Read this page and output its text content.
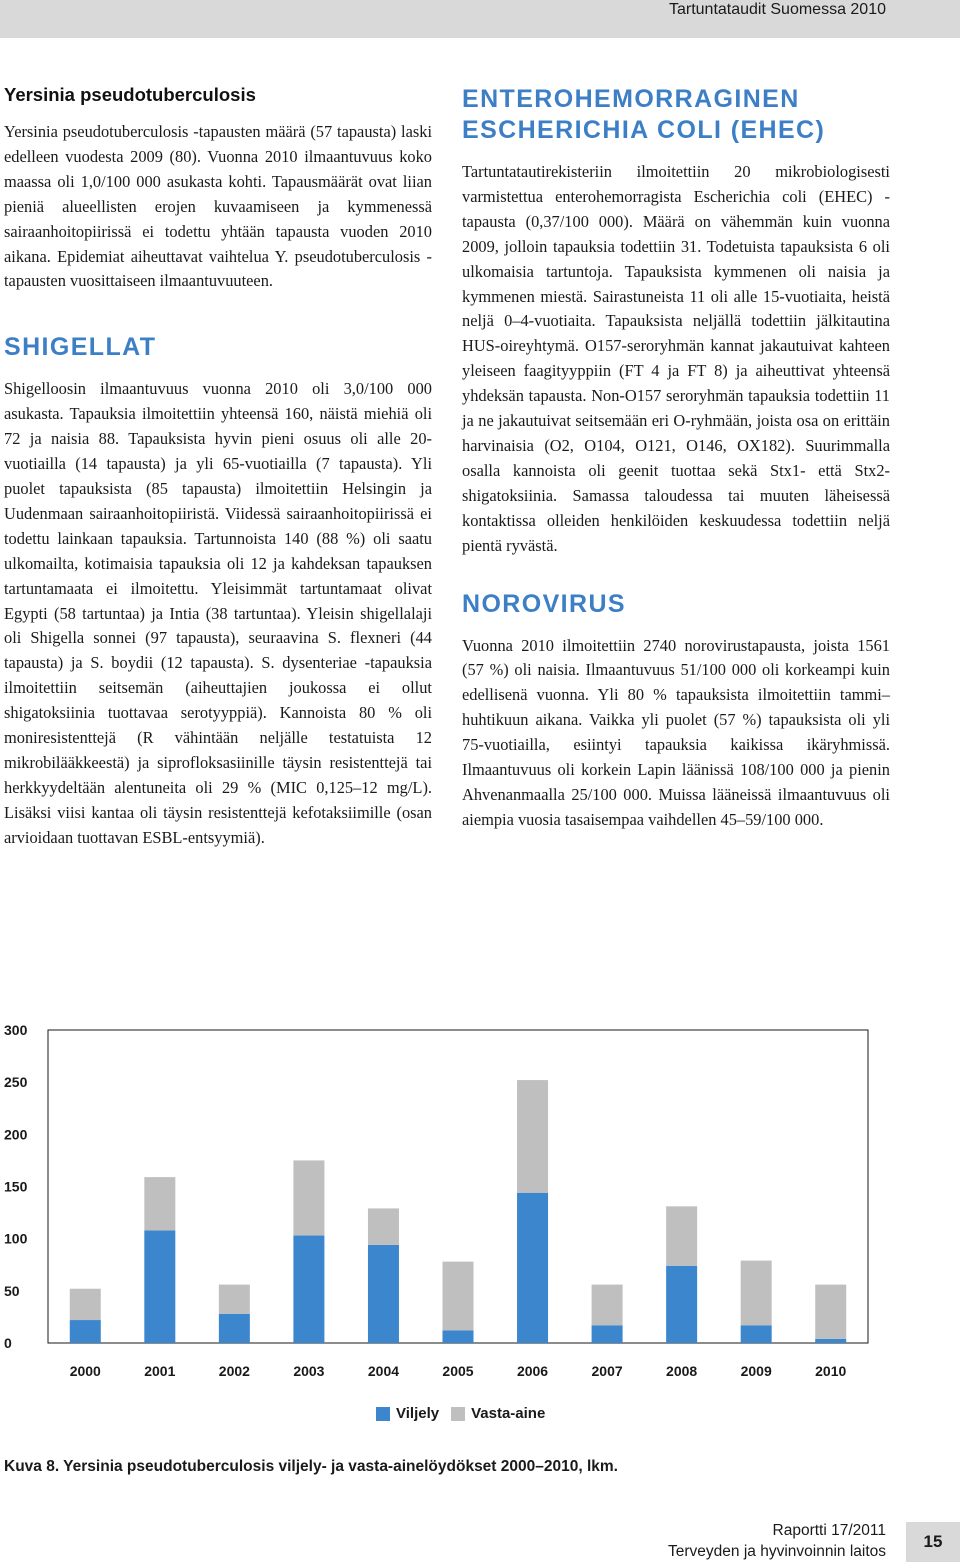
Tartuntataudit Suomessa 2010
Yersinia pseudotuberculosis

Yersinia pseudotuberculosis -tapausten määrä (57 tapausta) laski edelleen vuodesta 2009 (80). Vuonna 2010 ilmaantuvuus koko maassa oli 1,0/100 000 asukasta kohti. Tapausmäärät ovat liian pieniä alueellisten erojen kuvaamiseen ja kymmenessä sairaanhoitopiirissä ei todettu yhtään tapausta vuoden 2010 aikana. Epidemiat aiheuttavat vaihtelua Y. pseudotuberculosis -tapausten vuosittaiseen ilmaantuvuuteen.

SHIGELLAT

Shigelloosin ilmaantuvuus vuonna 2010 oli 3,0/100 000 asukasta. Tapauksia ilmoitettiin yhteensä 160, näistä miehiä oli 72 ja naisia 88. Tapauksista hyvin pieni osuus oli alle 20-vuotiailla (14 tapausta) ja yli 65-vuotiailla (7 tapausta). Yli puolet tapauksista (85 tapausta) ilmoitettiin Helsingin ja Uudenmaan sairaanhoitopiiristä. Viidessä sairaanhoitopiirissä ei todettu lainkaan tapauksia. Tartunnoista 140 (88 %) oli saatu ulkomailta, kotimaisia tapauksia oli 12 ja kahdeksan tapauksen tartuntamaata ei ilmoitettu. Yleisimmät tartuntamaat olivat Egypti (58 tartuntaa) ja Intia (38 tartuntaa). Yleisin shigellalaji oli Shigella sonnei (97 tapausta), seuraavina S. flexneri (44 tapausta) ja S. boydii (12 tapausta). S. dysenteriae -tapauksia ilmoitettiin seitsemän (aiheuttajien joukossa ei ollut shigatoksiinia tuottavaa serotyyppiä). Kannoista 80 % oli moniresistenttejä (R vähintään neljälle testatuista 12 mikrobilääkkeestä) ja siprofloksasiinille täysin resistenttejä tai herkkyydeltään alentuneita oli 29 % (MIC 0,125–12 mg/L). Lisäksi viisi kantaa oli täysin resistenttejä kefotaksiimille (osan arvioidaan tuottavan ESBL-entsyymiä).

ENTEROHEMORRAGINEN ESCHERICHIA COLI (EHEC)

Tartuntatautirekisteriin ilmoitettiin 20 mikrobiologisesti varmistettua enterohemorragista Escherichia coli (EHEC) -tapausta (0,37/100 000). Määrä on vähemmän kuin vuonna 2009, jolloin tapauksia todettiin 31. Todetuista tapauksista 6 oli ulkomaisia tartuntoja. Tapauksista kymmenen oli naisia ja kymmenen miestä. Sairastuneista 11 oli alle 15-vuotiaita, heistä neljä 0–4-vuotiaita. Tapauksista neljällä todettiin jälkitautina HUS-oireyhtymä. O157-seroryhmän kannat jakautuivat kahteen yleiseen faagityyppiin (FT 4 ja FT 8) ja aiheuttivat yhteensä yhdeksän tapausta. Non-O157 seroryhmän tapauksia todettiin 11 ja ne jakautuivat seitsemään eri O-ryhmään, joista osa on erittäin harvinaisia (O2, O104, O121, O146, OX182). Suurimmalla osalla kannoista oli geenit tuottaa sekä Stx1- että Stx2-shigatoksiinia. Samassa taloudessa tai muuten läheisessä kontaktissa olleiden henkilöiden keskuudessa todettiin neljä pientä ryvästä.

NOROVIRUS

Vuonna 2010 ilmoitettiin 2740 norovirustapausta, joista 1561 (57 %) oli naisia. Ilmaantuvuus 51/100 000 oli korkeampi kuin edellisenä vuonna. Yli 80 % tapauksista ilmoitettiin tammi–huhtikuun aikana. Vaikka yli puolet (57 %) tapauksista oli yli 75-vuotiailla, esiintyi tapauksia kaikissa ikäryhmissä. Ilmaantuvuus oli korkein Lapin läänissä 108/100 000 ja pienin Ahvenanmaalla 25/100 000. Muissa lääneissä ilmaantuvuus oli aiempia vuosia tasaisempaa vaihdellen 45–59/100 000.

0
50
100
150
200
250
300
2000	2001	2002	2003	2004	2005	2006	2007	2008	2009	2010
Viljely Vasta-aine
Kuva 8. Yersinia pseudotuberculosis viljely- ja vasta-ainelöydökset 2000–2010, lkm.
Raportti 17/2011
Terveyden ja hyvinvoinnin laitos
15
